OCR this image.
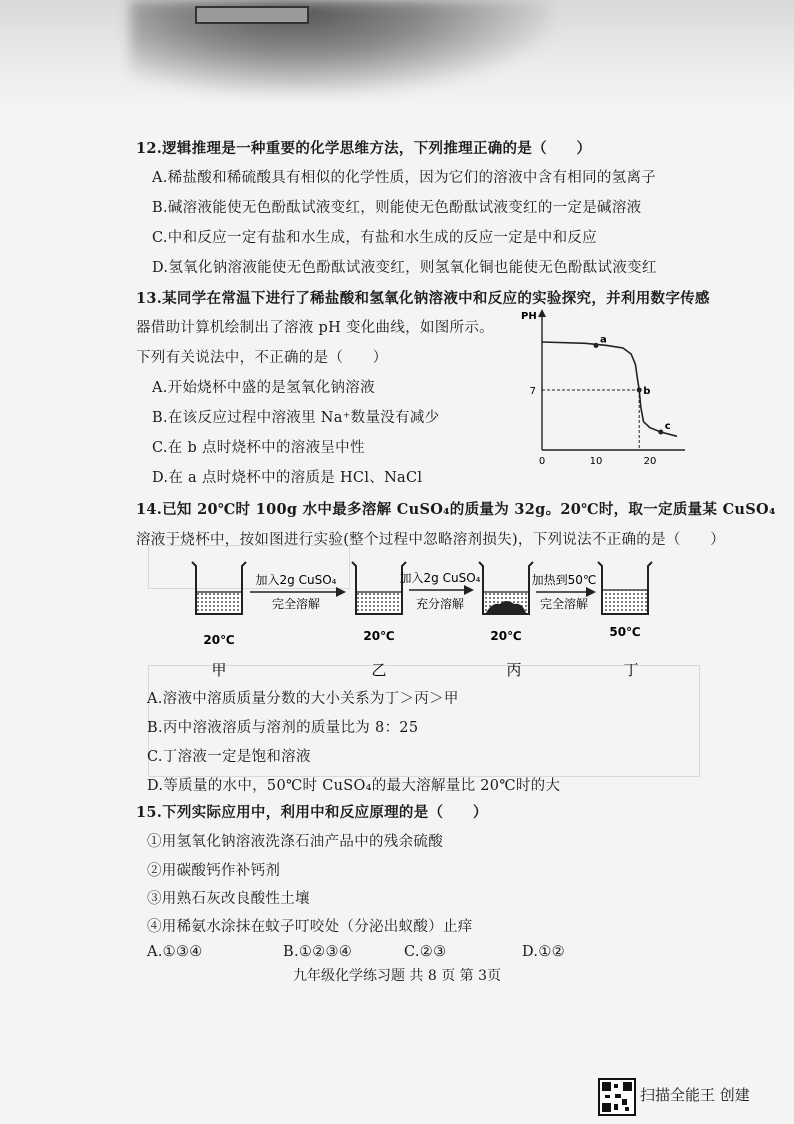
12.逻辑推理是一种重要的化学思维方法，下列推理正确的是（　　）
A.稀盐酸和稀硫酸具有相似的化学性质，因为它们的溶液中含有相同的氢离子
B.碱溶液能使无色酚酞试液变红，则能使无色酚酞试液变红的一定是碱溶液
C.中和反应一定有盐和水生成，有盐和水生成的反应一定是中和反应
D.氢氧化钠溶液能使无色酚酞试液变红，则氢氧化铜也能使无色酚酞试液变红
13.某同学在常温下进行了稀盐酸和氢氧化钠溶液中和反应的实验探究，并利用数字传感
器借助计算机绘制出了溶液 pH 变化曲线，如图所示。
下列有关说法中，不正确的是（　　）
A.开始烧杯中盛的是氢氧化钠溶液
B.在该反应过程中溶液里 Na⁺数量没有减少
C.在 b 点时烧杯中的溶液呈中性
D.在 a 点时烧杯中的溶质是 HCl、NaCl
PH
0	10	20
7
a
b
c
14.已知 20℃时 100g 水中最多溶解 CuSO₄的质量为 32g。20℃时，取一定质量某 CuSO₄
溶液于烧杯中，按如图进行实验(整个过程中忽略溶剂损失)，下列说法不正确的是（　　）
加入2g CuSO₄
完全溶解
加入2g CuSO₄
充分溶解
加热到50℃
完全溶解
20℃	20℃	20℃	50℃
甲	乙	丙	丁
A.溶液中溶质质量分数的大小关系为丁＞丙＞甲
B.丙中溶液溶质与溶剂的质量比为 8：25
C.丁溶液一定是饱和溶液
D.等质量的水中，50℃时 CuSO₄的最大溶解量比 20℃时的大
15.下列实际应用中，利用中和反应原理的是（　　）
①用氢氧化钠溶液洗涤石油产品中的残余硫酸
②用碳酸钙作补钙剂
③用熟石灰改良酸性土壤
④用稀氨水涂抹在蚊子叮咬处（分泌出蚁酸）止痒
A.①③④	B.①②③④	C.②③	D.①②
九年级化学练习题 共 8 页 第 3页
扫描全能王 创建
